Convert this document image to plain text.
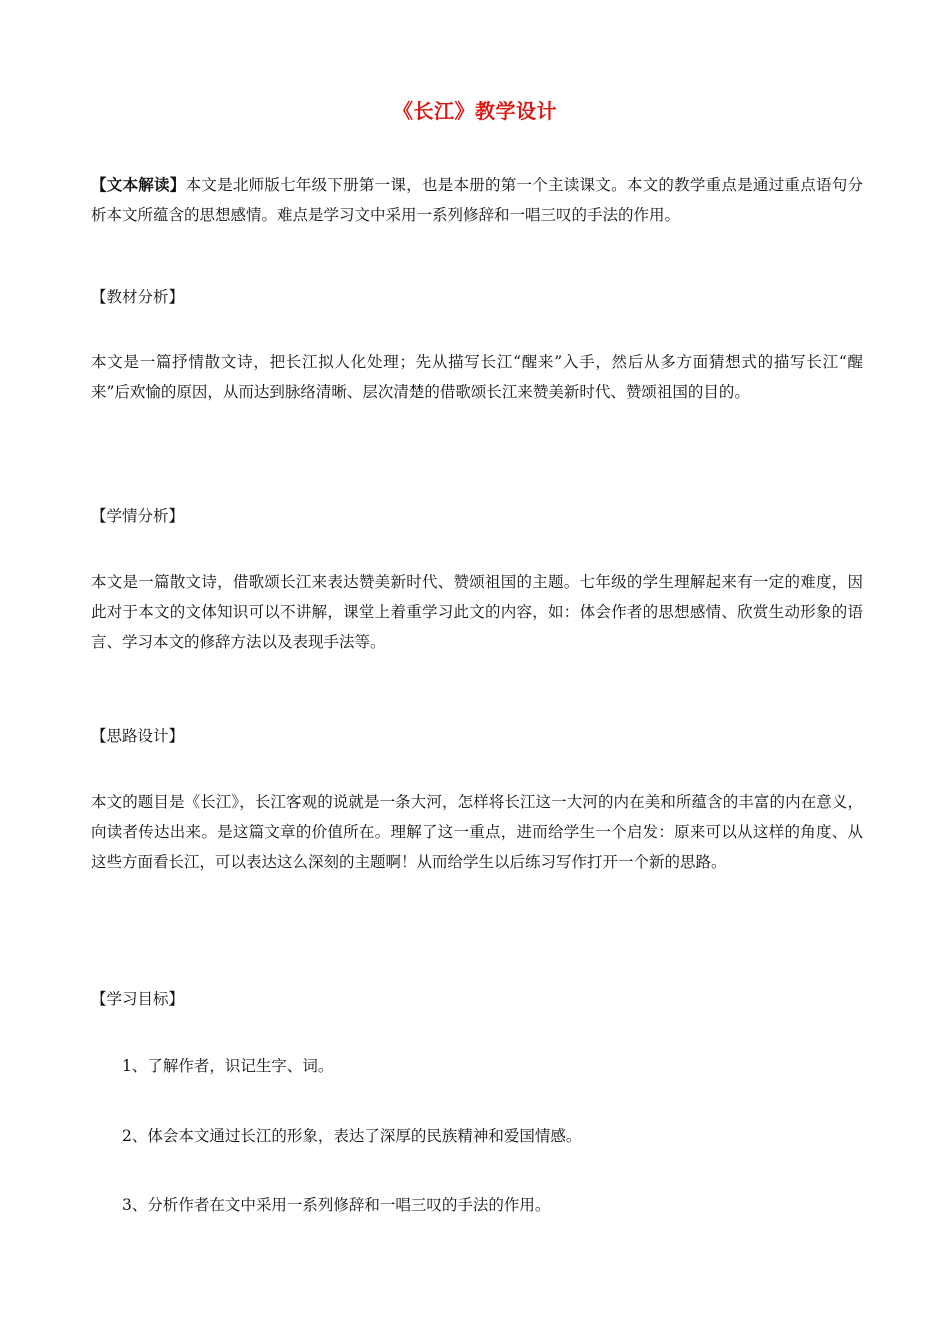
《长江》教学设计

【文本解读】本文是北师版七年级下册第一课，也是本册的第一个主读课文。本文的教学重点是通过重点语句分析本文所蕴含的思想感情。难点是学习文中采用一系列修辞和一唱三叹的手法的作用。

【教材分析】

本文是一篇抒情散文诗，把长江拟人化处理；先从描写长江“醒来”入手，然后从多方面猜想式的描写长江“醒来”后欢愉的原因，从而达到脉络清晰、层次清楚的借歌颂长江来赞美新时代、赞颂祖国的目的。

【学情分析】

本文是一篇散文诗，借歌颂长江来表达赞美新时代、赞颂祖国的主题。七年级的学生理解起来有一定的难度，因此对于本文的文体知识可以不讲解，课堂上着重学习此文的内容，如：体会作者的思想感情、欣赏生动形象的语言、学习本文的修辞方法以及表现手法等。

【思路设计】

本文的题目是《长江》，长江客观的说就是一条大河，怎样将长江这一大河的内在美和所蕴含的丰富的内在意义，向读者传达出来。是这篇文章的价值所在。理解了这一重点，进而给学生一个启发：原来可以从这样的角度、从这些方面看长江，可以表达这么深刻的主题啊！从而给学生以后练习写作打开一个新的思路。

【学习目标】

1、了解作者，识记生字、词。

2、体会本文通过长江的形象，表达了深厚的民族精神和爱国情感。

3、分析作者在文中采用一系列修辞和一唱三叹的手法的作用。
